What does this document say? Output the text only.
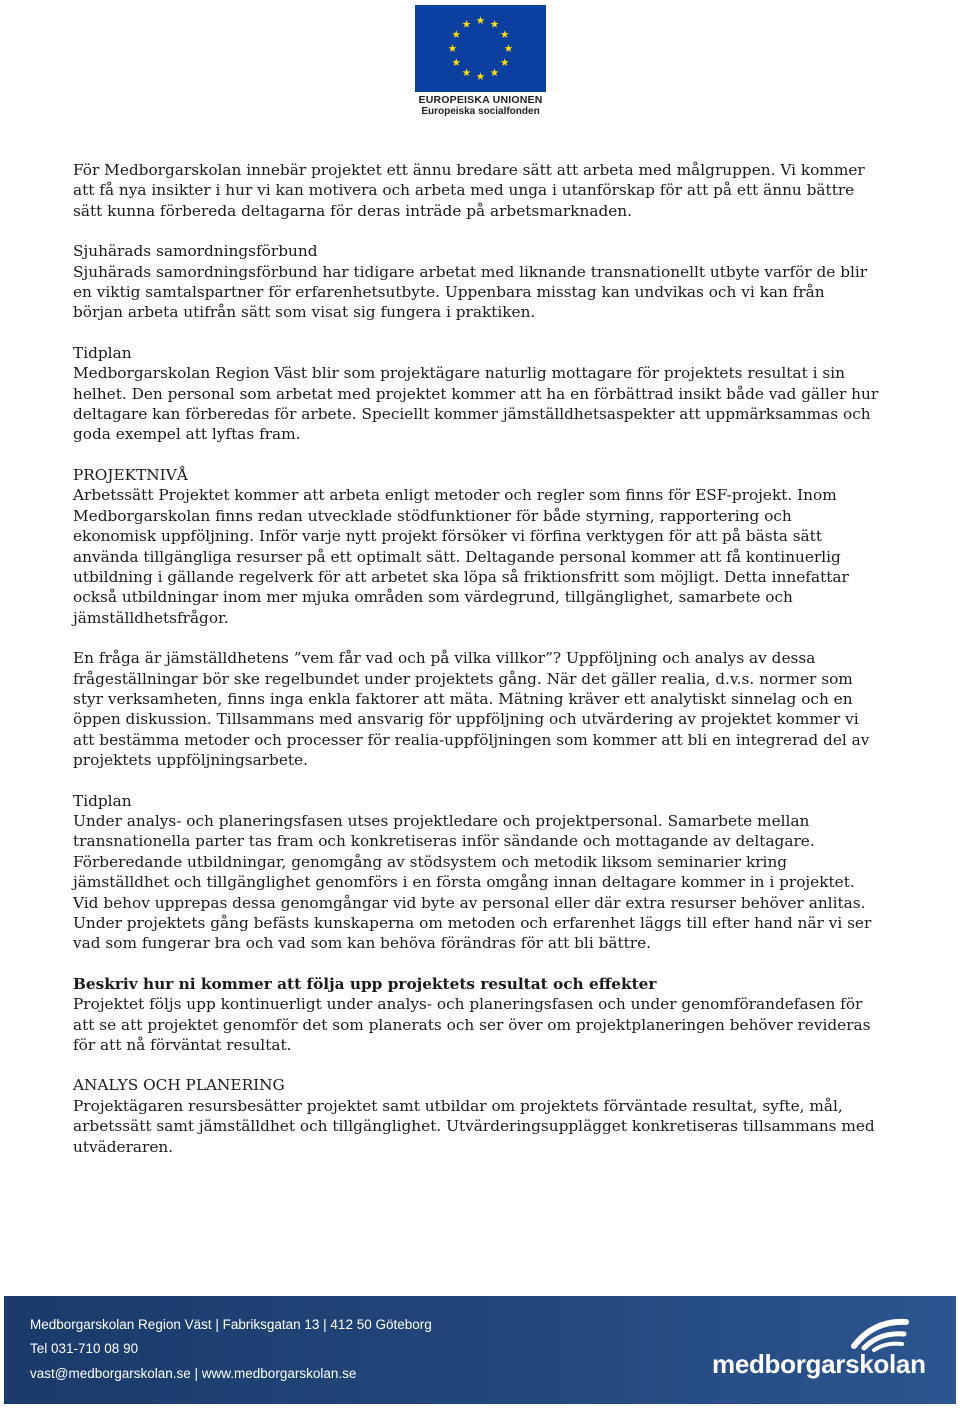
EUROPEISKA UNIONEN
Europeiska socialfonden

För Medborgarskolan innebär projektet ett ännu bredare sätt att arbeta med målgruppen. Vi kommer

att få nya insikter i hur vi kan motivera och arbeta med unga i utanförskap för att på ett ännu bättre

sätt kunna förbereda deltagarna för deras inträde på arbetsmarknaden.

Sjuhärads samordningsförbund

Sjuhärads samordningsförbund har tidigare arbetat med liknande transnationellt utbyte varför de blir

en viktig samtalspartner för erfarenhetsutbyte. Uppenbara misstag kan undvikas och vi kan från

början arbeta utifrån sätt som visat sig fungera i praktiken.

Tidplan

Medborgarskolan Region Väst blir som projektägare naturlig mottagare för projektets resultat i sin

helhet. Den personal som arbetat med projektet kommer att ha en förbättrad insikt både vad gäller hur

deltagare kan förberedas för arbete. Speciellt kommer jämställdhetsaspekter att uppmärksammas och

goda exempel att lyftas fram.

PROJEKTNIVÅ

Arbetssätt Projektet kommer att arbeta enligt metoder och regler som finns för ESF-projekt. Inom

Medborgarskolan finns redan utvecklade stödfunktioner för både styrning, rapportering och

ekonomisk uppföljning. Inför varje nytt projekt försöker vi förfina verktygen för att på bästa sätt

använda tillgängliga resurser på ett optimalt sätt. Deltagande personal kommer att få kontinuerlig

utbildning i gällande regelverk för att arbetet ska löpa så friktionsfritt som möjligt. Detta innefattar

också utbildningar inom mer mjuka områden som värdegrund, tillgänglighet, samarbete och

jämställdhetsfrågor.

En fråga är jämställdhetens ”vem får vad och på vilka villkor”? Uppföljning och analys av dessa

frågeställningar bör ske regelbundet under projektets gång. När det gäller realia, d.v.s. normer som

styr verksamheten, finns inga enkla faktorer att mäta. Mätning kräver ett analytiskt sinnelag och en

öppen diskussion. Tillsammans med ansvarig för uppföljning och utvärdering av projektet kommer vi

att bestämma metoder och processer för realia-uppföljningen som kommer att bli en integrerad del av

projektets uppföljningsarbete.

Tidplan

Under analys- och planeringsfasen utses projektledare och projektpersonal. Samarbete mellan

transnationella parter tas fram och konkretiseras inför sändande och mottagande av deltagare.

Förberedande utbildningar, genomgång av stödsystem och metodik liksom seminarier kring

jämställdhet och tillgänglighet genomförs i en första omgång innan deltagare kommer in i projektet.

Vid behov upprepas dessa genomgångar vid byte av personal eller där extra resurser behöver anlitas.

Under projektets gång befästs kunskaperna om metoden och erfarenhet läggs till efter hand när vi ser

vad som fungerar bra och vad som kan behöva förändras för att bli bättre.

Beskriv hur ni kommer att följa upp projektets resultat och effekter

Projektet följs upp kontinuerligt under analys- och planeringsfasen och under genomförandefasen för

att se att projektet genomför det som planerats och ser över om projektplaneringen behöver revideras

för att nå förväntat resultat.

ANALYS OCH PLANERING

Projektägaren resursbesätter projektet samt utbildar om projektets förväntade resultat, syfte, mål,

arbetssätt samt jämställdhet och tillgänglighet. Utvärderingsupplägget konkretiseras tillsammans med

utväderaren.

Medborgarskolan Region Väst | Fabriksgatan 13 | 412 50 Göteborg
Tel 031-710 08 90
vast@medborgarskolan.se | www.medborgarskolan.se	medborgarskolan
